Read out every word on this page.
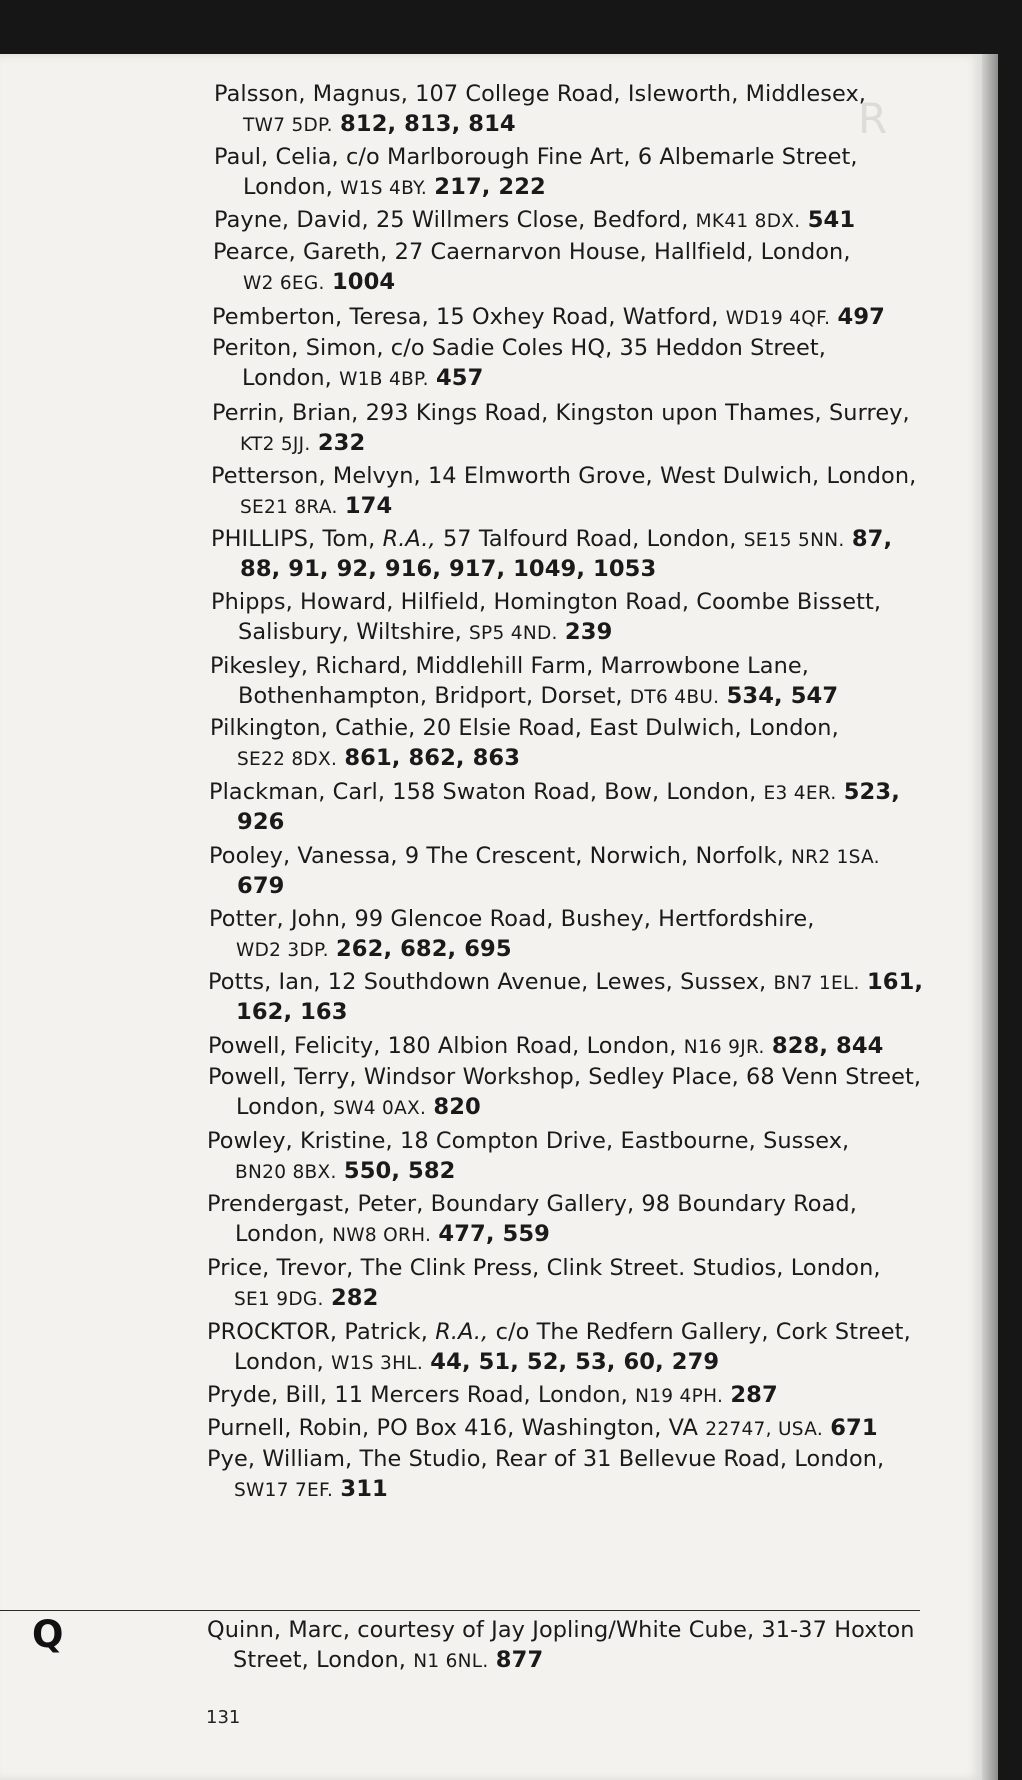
R
Palsson, Magnus, 107 College Road, Isleworth, Middlesex,
TW7 5DP. 812, 813, 814
Paul, Celia, c/o Marlborough Fine Art, 6 Albemarle Street,
London, W1S 4BY. 217, 222
Payne, David, 25 Willmers Close, Bedford, MK41 8DX. 541
Pearce, Gareth, 27 Caernarvon House, Hallfield, London,
W2 6EG. 1004
Pemberton, Teresa, 15 Oxhey Road, Watford, WD19 4QF. 497
Periton, Simon, c/o Sadie Coles HQ, 35 Heddon Street,
London, W1B 4BP. 457
Perrin, Brian, 293 Kings Road, Kingston upon Thames, Surrey,
KT2 5JJ. 232
Petterson, Melvyn, 14 Elmworth Grove, West Dulwich, London,
SE21 8RA. 174
PHILLIPS, Tom, R.A., 57 Talfourd Road, London, SE15 5NN. 87,
88, 91, 92, 916, 917, 1049, 1053
Phipps, Howard, Hilfield, Homington Road, Coombe Bissett,
Salisbury, Wiltshire, SP5 4ND. 239
Pikesley, Richard, Middlehill Farm, Marrowbone Lane,
Bothenhampton, Bridport, Dorset, DT6 4BU. 534, 547
Pilkington, Cathie, 20 Elsie Road, East Dulwich, London,
SE22 8DX. 861, 862, 863
Plackman, Carl, 158 Swaton Road, Bow, London, E3 4ER. 523,
926
Pooley, Vanessa, 9 The Crescent, Norwich, Norfolk, NR2 1SA.
679
Potter, John, 99 Glencoe Road, Bushey, Hertfordshire,
WD2 3DP. 262, 682, 695
Potts, Ian, 12 Southdown Avenue, Lewes, Sussex, BN7 1EL. 161,
162, 163
Powell, Felicity, 180 Albion Road, London, N16 9JR. 828, 844
Powell, Terry, Windsor Workshop, Sedley Place, 68 Venn Street,
London, SW4 0AX. 820
Powley, Kristine, 18 Compton Drive, Eastbourne, Sussex,
BN20 8BX. 550, 582
Prendergast, Peter, Boundary Gallery, 98 Boundary Road,
London, NW8 ORH. 477, 559
Price, Trevor, The Clink Press, Clink Street. Studios, London,
SE1 9DG. 282
PROCKTOR, Patrick, R.A., c/o The Redfern Gallery, Cork Street,
London, W1S 3HL. 44, 51, 52, 53, 60, 279
Pryde, Bill, 11 Mercers Road, London, N19 4PH. 287
Purnell, Robin, PO Box 416, Washington, VA 22747, USA. 671
Pye, William, The Studio, Rear of 31 Bellevue Road, London,
SW17 7EF. 311
Quinn, Marc, courtesy of Jay Jopling/White Cube, 31-37 Hoxton
Street, London, N1 6NL. 877
Q
131
